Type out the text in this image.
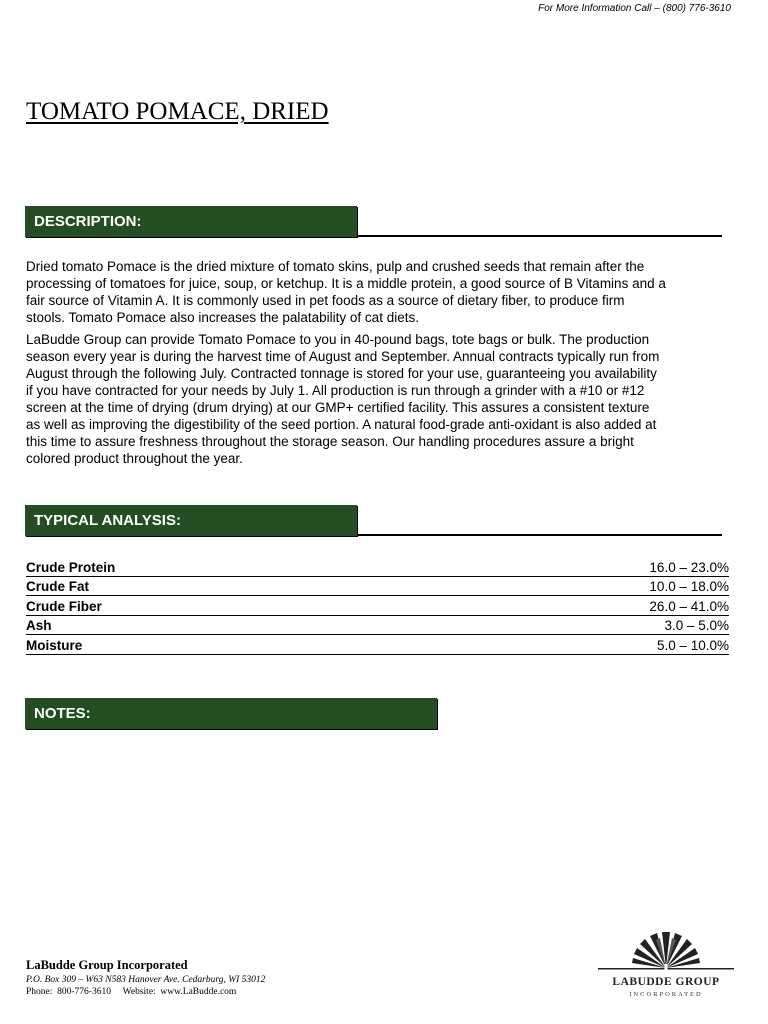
For More Information Call – (800) 776-3610
TOMATO POMACE, DRIED
DESCRIPTION:

Dried tomato Pomace is the dried mixture of tomato skins, pulp and crushed seeds that remain after the
processing of tomatoes for juice, soup, or ketchup. It is a middle protein, a good source of B Vitamins and a
fair source of Vitamin A. It is commonly used in pet foods as a source of dietary fiber, to produce firm
stools. Tomato Pomace also increases the palatability of cat diets.

LaBudde Group can provide Tomato Pomace to you in 40-pound bags, tote bags or bulk. The production
season every year is during the harvest time of August and September. Annual contracts typically run from
August through the following July. Contracted tonnage is stored for your use, guaranteeing you availability
if you have contracted for your needs by July 1. All production is run through a grinder with a #10 or #12
screen at the time of drying (drum drying) at our GMP+ certified facility. This assures a consistent texture
as well as improving the digestibility of the seed portion. A natural food-grade anti-oxidant is also added at
this time to assure freshness throughout the storage season. Our handling procedures assure a bright
colored product throughout the year.

TYPICAL ANALYSIS:
Crude Protein	16.0 – 23.0%
Crude Fat	10.0 – 18.0%
Crude Fiber	26.0 – 41.0%
Ash	3.0 – 5.0%
Moisture	5.0 – 10.0%
NOTES:
LaBudde Group Incorporated
P.O. Box 309 – W63 N583 Hanover Ave. Cedarburg, WI 53012
Phone:  800-776-3610     Website:  www.LaBudde.com
LABUDDE GROUP
INCORPORATED
